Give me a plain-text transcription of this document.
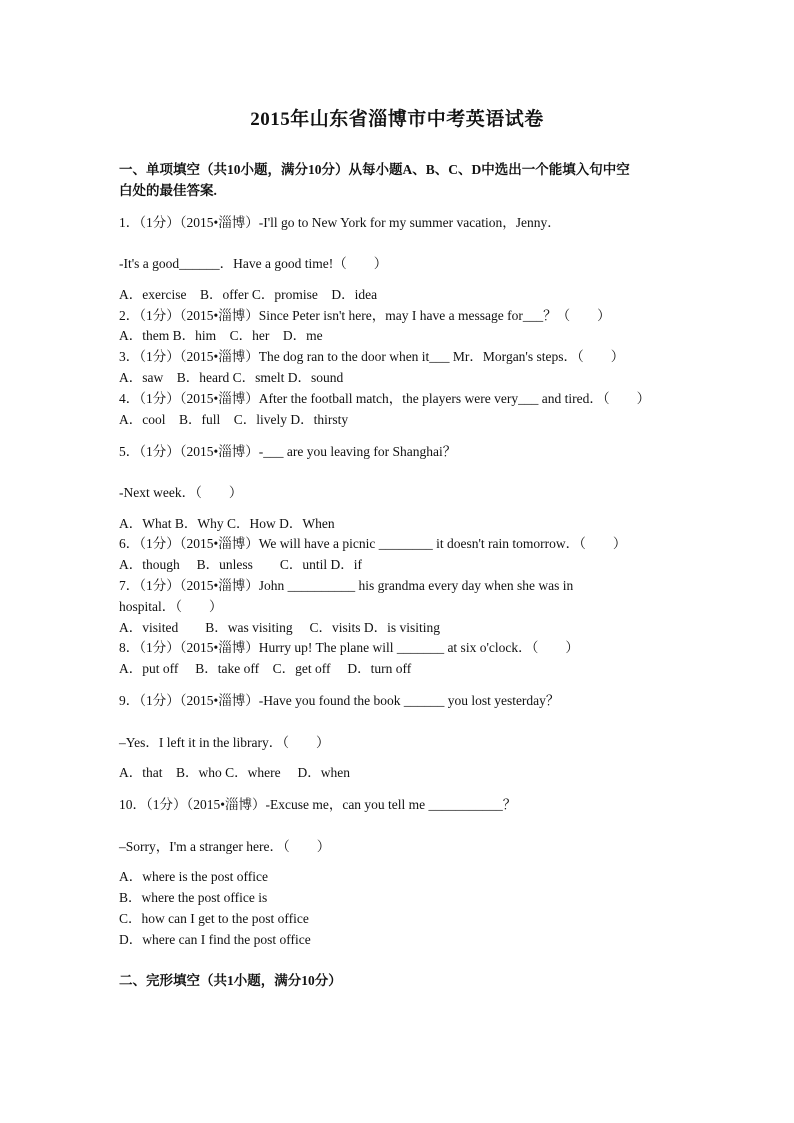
2015年山东省淄博市中考英语试卷
一、单项填空（共10小题，满分10分）从每小题A、B、C、D中选出一个能填入句中空
白处的最佳答案.
1．（1分）（2015•淄博）-I'll go to New York for my summer vacation，Jenny．
-It's a good______．Have a good time!（　　）
A．exercise　B．offer C．promise　D．idea
2．（1分）（2015•淄博）Since Peter isn't here，may I have a message for___？（　　）
A．them B．him　C．her　D．me
3．（1分）（2015•淄博）The dog ran to the door when it___ Mr．Morgan's steps．（　　）
A．saw　B．heard C．smelt D．sound
4．（1分）（2015•淄博）After the football match，the players were very___ and tired．（　　）
A．cool　B．full　C．lively D．thirsty
5．（1分）（2015•淄博）-___ are you leaving for Shanghai？
-Next week．（　　）
A．What B．Why C．How D．When
6．（1分）（2015•淄博）We will have a picnic ________ it doesn't rain tomorrow．（　　）
A．though　 B．unless　　C．until D．if
7．（1分）（2015•淄博）John __________ his grandma every day when she was in
hospital．（　　）
A．visited　　B．was visiting　 C．visits D．is visiting
8．（1分）（2015•淄博）Hurry up! The plane will _______ at six o'clock．（　　）
A．put off　 B．take off　C．get off　 D．turn off
9．（1分）（2015•淄博）-Have you found the book ______ you lost yesterday？
–Yes．I left it in the library．（　　）
A．that　B．who C．where　 D．when
10．（1分）（2015•淄博）-Excuse me，can you tell me ___________？
–Sorry，I'm a stranger here．（　　）
A．where is the post office
B．where the post office is
C．how can I get to the post office
D．where can I find the post office
二、完形填空（共1小题，满分10分）
